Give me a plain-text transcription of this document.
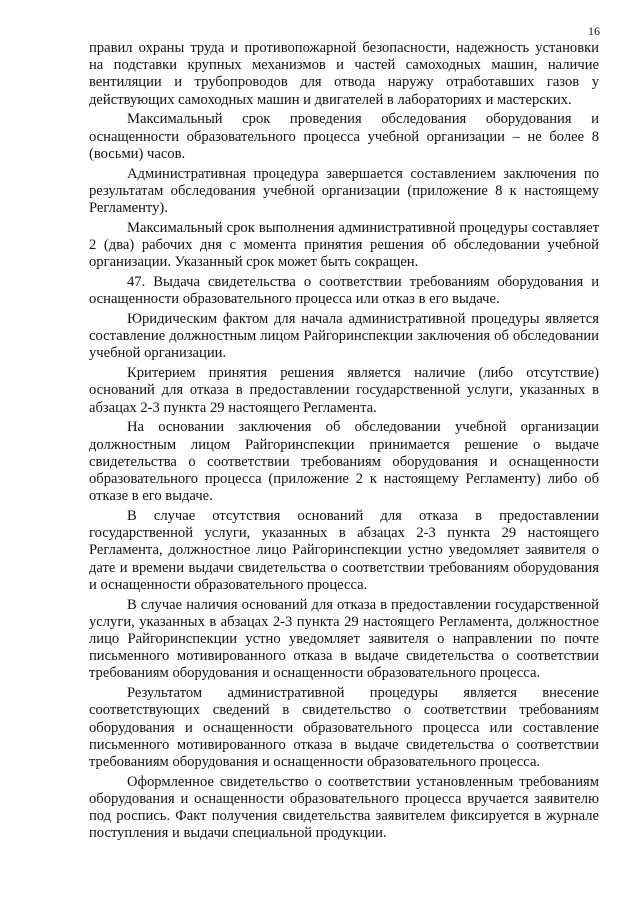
16

правил охраны труда и противопожарной безопасности, надежность установки на подставки крупных механизмов и частей самоходных машин, наличие вентиляции и трубопроводов для отвода наружу отработавших газов у действующих самоходных машин и двигателей в лабораториях и мастерских.

Максимальный срок проведения обследования оборудования и оснащенности образовательного процесса учебной организации – не более 8 (восьми) часов.

Административная процедура завершается составлением заключения по результатам обследования учебной организации (приложение 8 к настоящему Регламенту).

Максимальный срок выполнения административной процедуры составляет 2 (два) рабочих дня с момента принятия решения об обследовании учебной организации. Указанный срок может быть сокращен.

47. Выдача свидетельства о соответствии требованиям оборудования и оснащенности образовательного процесса или отказ в его выдаче.

Юридическим фактом для начала административной процедуры является составление должностным лицом Райгоринспекции заключения об обследовании учебной организации.

Критерием принятия решения является наличие (либо отсутствие) оснований для отказа в предоставлении государственной услуги, указанных в абзацах 2-3 пункта 29 настоящего Регламента.

На основании заключения об обследовании учебной организации должностным лицом Райгоринспекции принимается решение о выдаче свидетельства о соответствии требованиям оборудования и оснащенности образовательного процесса (приложение 2 к настоящему Регламенту) либо об отказе в его выдаче.

В случае отсутствия оснований для отказа в предоставлении государственной услуги, указанных в абзацах 2-3 пункта 29 настоящего Регламента, должностное лицо Райгоринспекции устно уведомляет заявителя о дате и времени выдачи свидетельства о соответствии требованиям оборудования и оснащенности образовательного процесса.

В случае наличия оснований для отказа в предоставлении государственной услуги, указанных в абзацах 2-3 пункта 29 настоящего Регламента, должностное лицо Райгоринспекции устно уведомляет заявителя о направлении по почте письменного мотивированного отказа в выдаче свидетельства о соответствии требованиям оборудования и оснащенности образовательного процесса.

Результатом административной процедуры является внесение соответствующих сведений в свидетельство о соответствии требованиям оборудования и оснащенности образовательного процесса или составление письменного мотивированного отказа в выдаче свидетельства о соответствии требованиям оборудования и оснащенности образовательного процесса.

Оформленное свидетельство о соответствии установленным требованиям оборудования и оснащенности образовательного процесса вручается заявителю под роспись. Факт получения свидетельства заявителем фиксируется в журнале поступления и выдачи специальной продукции.
